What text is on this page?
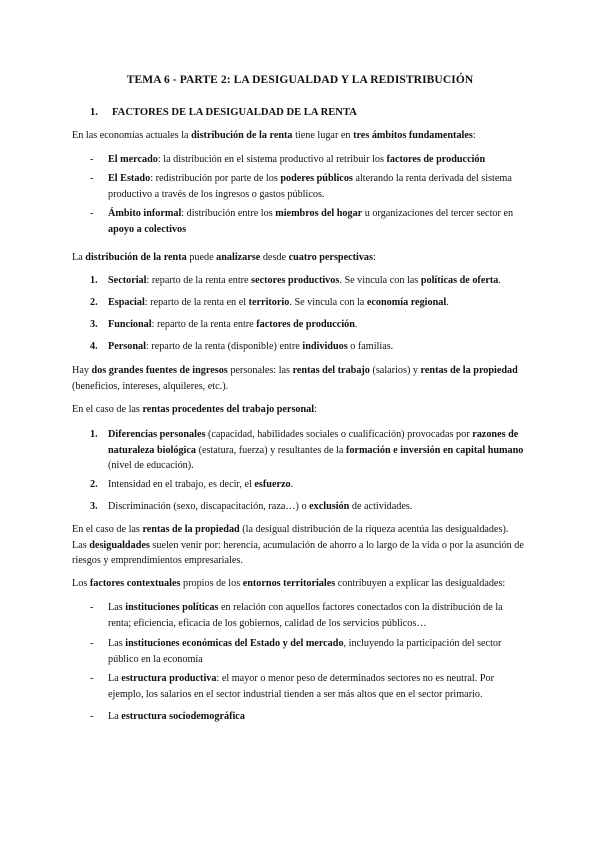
TEMA 6 - PARTE 2: LA DESIGUALDAD Y LA REDISTRIBUCIÓN
1. FACTORES DE LA DESIGUALDAD DE LA RENTA

En las economías actuales la distribución de la renta tiene lugar en tres ámbitos fundamentales:

-	El mercado: la distribución en el sistema productivo al retribuir los factores de producción
-	El Estado: redistribución por parte de los poderes públicos alterando la renta derivada del sistema productivo a través de los ingresos o gastos públicos.
-	Ámbito informal: distribución entre los miembros del hogar u organizaciones del tercer sector en apoyo a colectivos

La distribución de la renta puede analizarse desde cuatro perspectivas:

1.	Sectorial: reparto de la renta entre sectores productivos. Se vincula con las políticas de oferta.
2.	Espacial: reparto de la renta en el territorio. Se vincula con la economía regional.
3.	Funcional: reparto de la renta entre factores de producción.
4.	Personal: reparto de la renta (disponible) entre individuos o familias.

Hay dos grandes fuentes de ingresos personales: las rentas del trabajo (salarios) y rentas de la propiedad (beneficios, intereses, alquileres, etc.).

En el caso de las rentas procedentes del trabajo personal:

1.	Diferencias personales (capacidad, habilidades sociales o cualificación) provocadas por razones de naturaleza biológica (estatura, fuerza) y resultantes de la formación e inversión en capital humano (nivel de educación).
2.	Intensidad en el trabajo, es decir, el esfuerzo.
3.	Discriminación (sexo, discapacitación, raza…) o exclusión de actividades.

En el caso de las rentas de la propiedad (la desigual distribución de la riqueza acentúa las desigualdades). Las desigualdades suelen venir por: herencia, acumulación de ahorro a lo largo de la vida o por la asunción de riesgos y emprendimientos empresariales.

Los factores contextuales propios de los entornos territoriales contribuyen a explicar las desigualdades:

-	Las instituciones políticas en relación con aquellos factores conectados con la distribución de la renta; eficiencia, eficacia de los gobiernos, calidad de los servicios públicos…
-	Las instituciones económicas del Estado y del mercado, incluyendo la participación del sector público en la economía
-	La estructura productiva: el mayor o menor peso de determinados sectores no es neutral. Por ejemplo, los salarios en el sector industrial tienden a ser más altos que en el sector primario.
-	La estructura sociodemográfica
